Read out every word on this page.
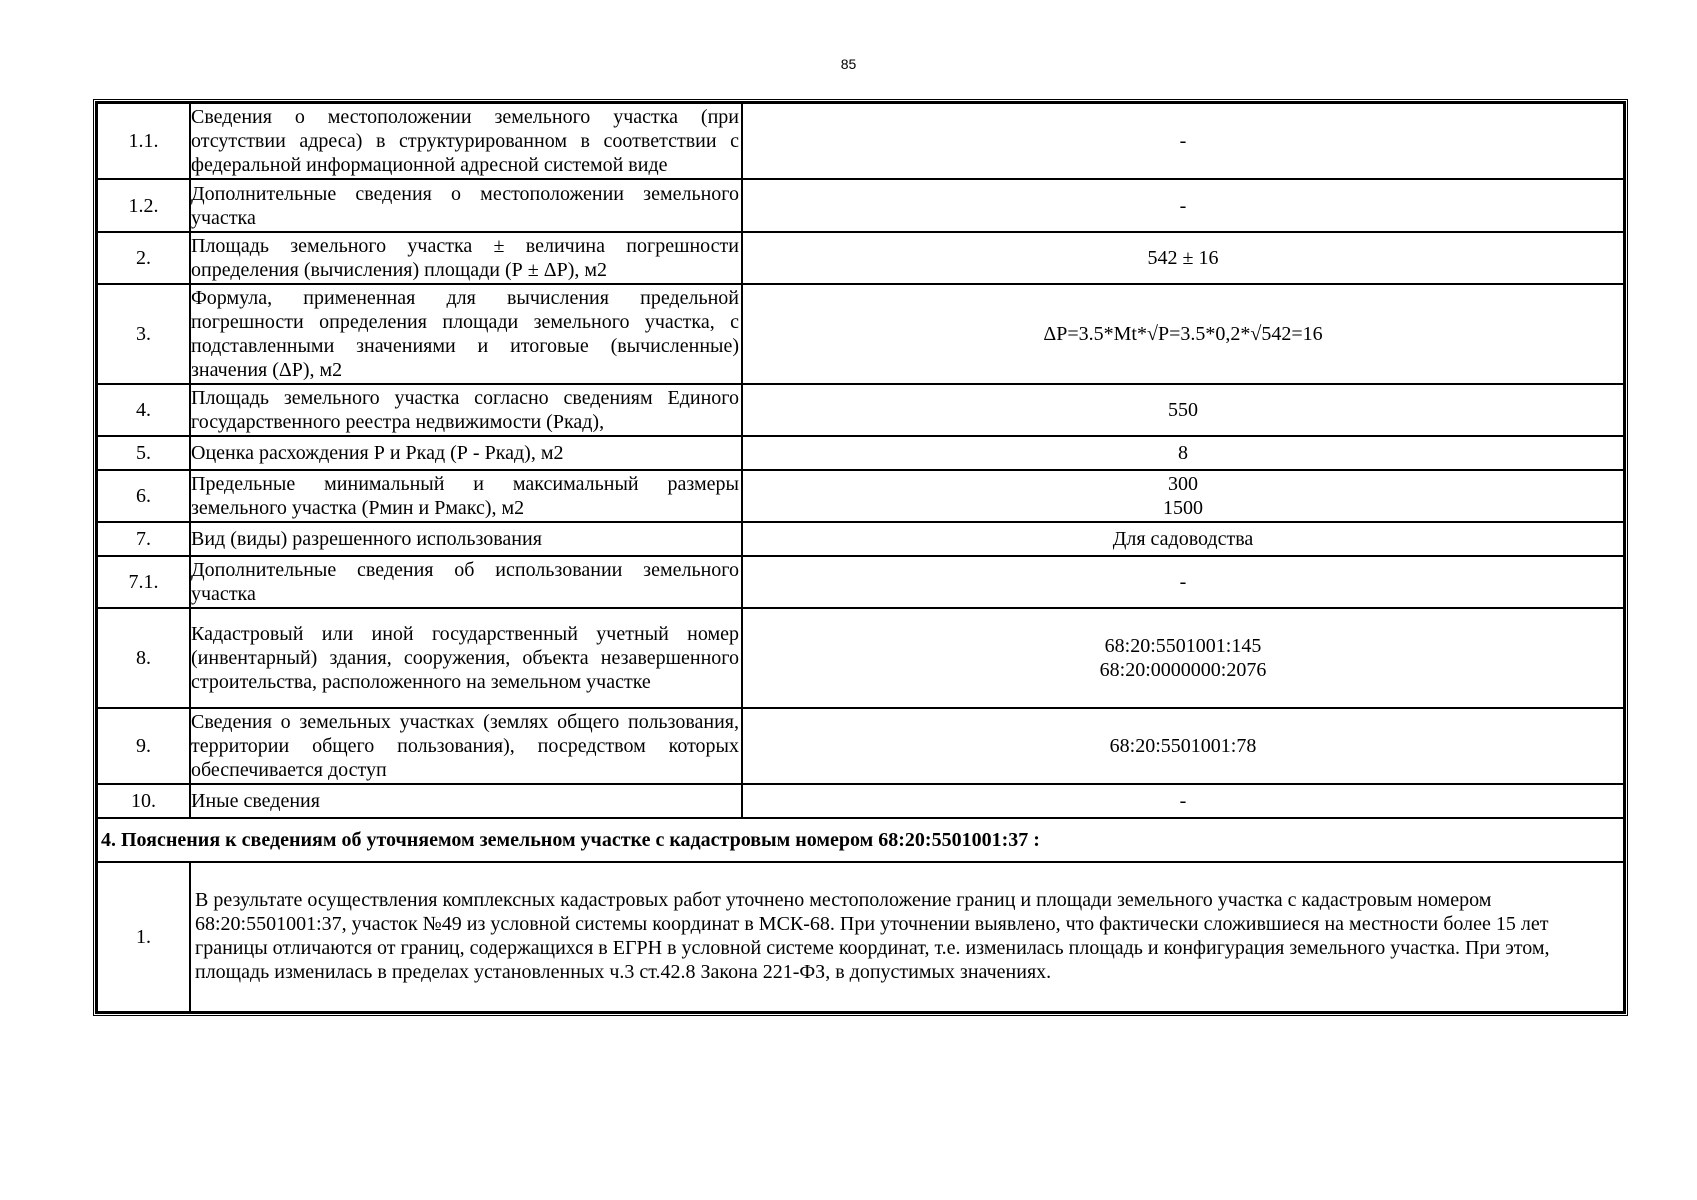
85
1.1.	Сведения о местоположении земельного участка (при отсутствии адреса) в структурированном в соответствии с федеральной информационной адресной системой виде	-
1.2.	Дополнительные сведения о местоположении земельного участка	-
2.	Площадь земельного участка ± величина погрешности определения (вычисления) площади (Р ± ΔР), м2	542 ± 16
3.	Формула, примененная для вычисления предельной погрешности определения площади земельного участка, с подставленными значениями и итоговые (вычисленные) значения (ΔР), м2	ΔP=3.5*Mt*√P=3.5*0,2*√542=16
4.	Площадь земельного участка согласно сведениям Единого государственного реестра недвижимости (Ркад),	550
5.	Оценка расхождения Р и Ркад (Р - Ркад), м2	8
6.	Предельные минимальный и максимальный размеры земельного участка (Рмин и Рмакс), м2	300
1500
7.	Вид (виды) разрешенного использования	Для садоводства
7.1.	Дополнительные сведения об использовании земельного участка	-
8.	Кадастровый или иной государственный учетный номер (инвентарный) здания, сооружения, объекта незавершенного строительства, расположенного на земельном участке	68:20:5501001:145
68:20:0000000:2076
9.	Сведения о земельных участках (землях общего пользования, территории общего пользования), посредством которых обеспечивается доступ	68:20:5501001:78
10.	Иные сведения	-
4. Пояснения к сведениям об уточняемом земельном участке с кадастровым номером 68:20:5501001:37 :		
1.	В результате осуществления комплексных кадастровых работ уточнено местоположение границ и площади земельного участка с кадастровым номером 68:20:5501001:37, участок №49 из условной системы координат в МСК-68. При уточнении выявлено, что фактически сложившиеся на местности более 15 лет границы отличаются от границ, содержащихся в ЕГРН в условной системе координат, т.е. изменилась площадь и конфигурация земельного участка. При этом, площадь изменилась в пределах установленных ч.3 ст.42.8 Закона 221-ФЗ, в допустимых значениях.	
